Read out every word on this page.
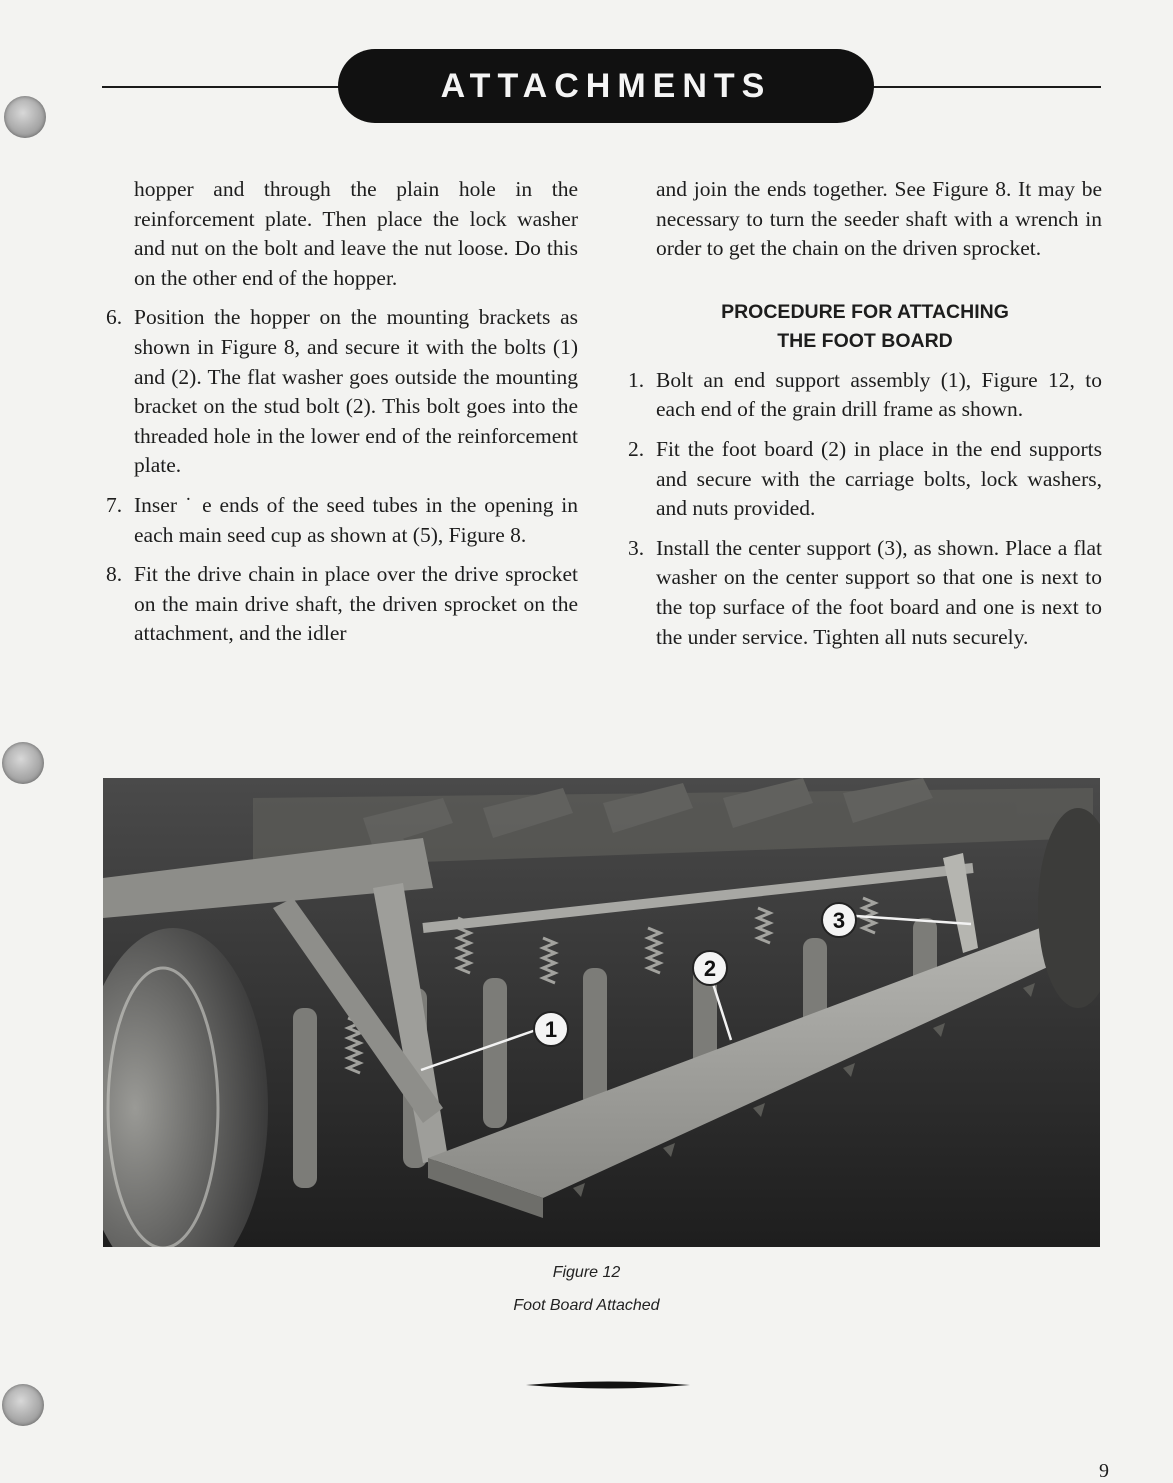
ATTACHMENTS

hopper and through the plain hole in the reinforcement plate. Then place the lock washer and nut on the bolt and leave the nut loose. Do this on the other end of the hopper.

6. Position the hopper on the mounting brackets as shown in Figure 8, and secure it with the bolts (1) and (2). The flat washer goes outside the mounting bracket on the stud bolt (2). This bolt goes into the threaded hole in the lower end of the reinforcement plate.
7. Inser ˙ e ends of the seed tubes in the opening in each main seed cup as shown at (5), Figure 8.
8. Fit the drive chain in place over the drive sprocket on the main drive shaft, the driven sprocket on the attachment, and the idler

and join the ends together. See Figure 8. It may be necessary to turn the seeder shaft with a wrench in order to get the chain on the driven sprocket.

PROCEDURE FOR ATTACHING
THE FOOT BOARD
1. Bolt an end support assembly (1), Figure 12, to each end of the grain drill frame as shown.
2. Fit the foot board (2) in place in the end supports and secure with the carriage bolts, lock washers, and nuts provided.
3. Install the center support (3), as shown. Place a flat washer on the center support so that one is next to the top surface of the foot board and one is next to the under service. Tighten all nuts securely.
1
2
3
Figure 12
Foot Board Attached
9
